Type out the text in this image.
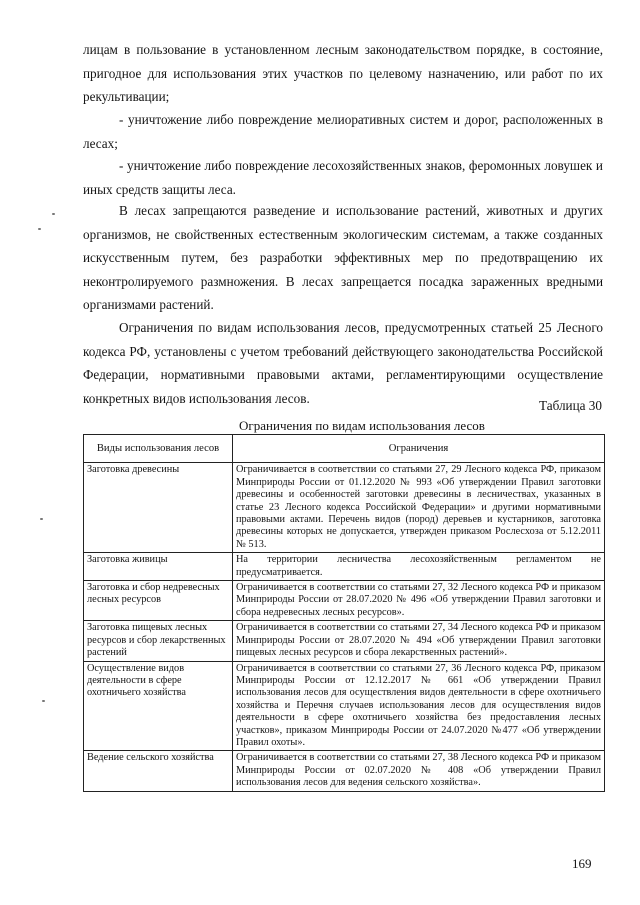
лицам в пользование в установленном лесным законодательством порядке, в состояние, пригодное для использования этих участков по целевому назначению, или работ по их рекультивации;

- уничтожение либо повреждение мелиоративных систем и дорог, расположенных в лесах;

- уничтожение либо повреждение лесохозяйственных знаков, феромонных ловушек и иных средств защиты леса.

В лесах запрещаются разведение и использование растений, животных и других организмов, не свойственных естественным экологическим системам, а также созданных искусственным путем, без разработки эффективных мер по предотвращению их неконтролируемого размножения. В лесах запрещается посадка зараженных вредными организмами растений.

Ограничения по видам использования лесов, предусмотренных статьей 25 Лесного кодекса РФ, установлены с учетом требований действующего законодательства Российской Федерации, нормативными правовыми актами, регламентирующими осуществление конкретных видов использования лесов.	Таблица 30
Ограничения по видам использования лесов
Виды использования лесов	Ограничения
Заготовка древесины	Ограничивается в соответствии со статьями 27, 29 Лесного кодекса РФ, приказом Минприроды России от 01.12.2020 № 993 «Об утверждении Правил заготовки древесины и особенностей заготовки древесины в лесничествах, указанных в статье 23 Лесного кодекса Российской Федерации» и другими нормативными правовыми актами. Перечень видов (пород) деревьев и кустарников, заготовка древесины которых не допускается, утвержден приказом Рослесхоза от 5.12.2011 № 513.
Заготовка живицы	На территории лесничества лесохозяйственным регламентом не предусматривается.
Заготовка и сбор недревесных лесных ресурсов	Ограничивается в соответствии со статьями 27, 32 Лесного кодекса РФ и приказом Минприроды России от 28.07.2020 № 496 «Об утверждении Правил заготовки и сбора недревесных лесных ресурсов».
Заготовка пищевых лесных ресурсов и сбор лекарственных растений	Ограничивается в соответствии со статьями 27, 34 Лесного кодекса РФ и приказом Минприроды России от 28.07.2020 № 494 «Об утверждении Правил заготовки пищевых лесных ресурсов и сбора лекарственных растений».
Осуществление видов деятельности в сфере охотничьего хозяйства	Ограничивается в соответствии со статьями 27, 36 Лесного кодекса РФ, приказом Минприроды России от 12.12.2017 № 661 «Об утверждении Правил использования лесов для осуществления видов деятельности в сфере охотничьего хозяйства и Перечня случаев использования лесов для осуществления видов деятельности в сфере охотничьего хозяйства без предоставления лесных участков», приказом Минприроды России от 24.07.2020 №477 «Об утверждении Правил охоты».
Ведение сельского хозяйства	Ограничивается в соответствии со статьями 27, 38 Лесного кодекса РФ и приказом Минприроды России от 02.07.2020 № 408 «Об утверждении Правил использования лесов для ведения сельского хозяйства».
169
